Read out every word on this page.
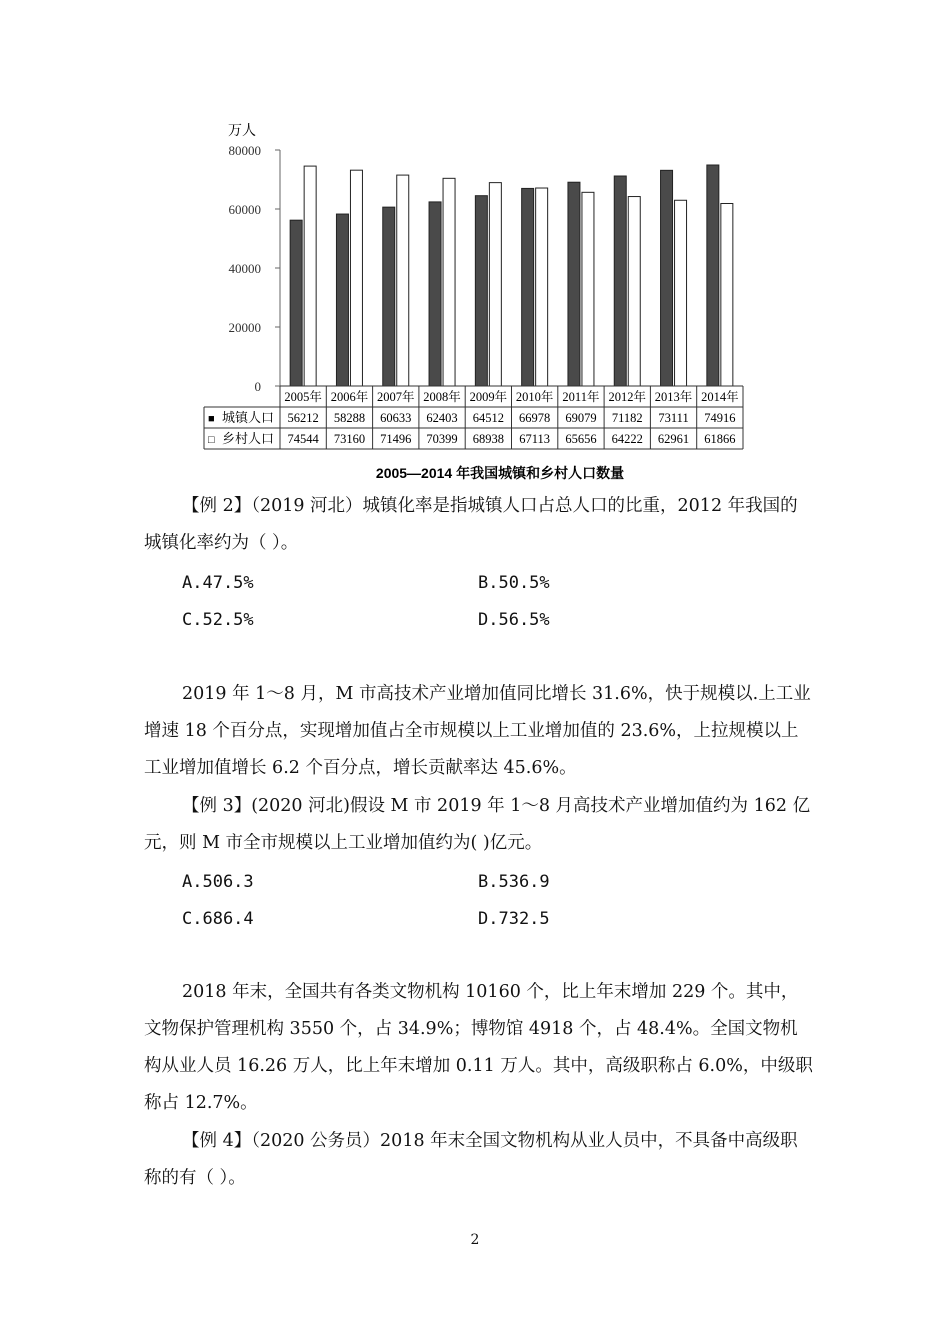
万人
80000
60000
40000
20000
0
2005年 2006年 2007年 2008年 2009年 2010年 2011年 2012年 2013年 2014年
■ 城镇人口 56212 58288 60633 62403 64512 66978 69079 71182 73111 74916
□ 乡村人口 74544 73160 71496 70399 68938 67113 65656 64222 62961 61866
2005—2014 年我国城镇和乡村人口数量

【例 2】（2019 河北）城镇化率是指城镇人口占总人口的比重，2012 年我国的城镇化率约为（ ）。

A.47.5%	B.50.5%
C.52.5%	D.56.5%

2019 年 1～8 月，M 市高技术产业增加值同比增长 31.6%，快于规模以.上工业增速 18 个百分点，实现增加值占全市规模以上工业增加值的 23.6%，上拉规模以上工业增加值增长 6.2 个百分点，增长贡献率达 45.6%。

【例 3】(2020 河北)假设 M 市 2019 年 1～8 月高技术产业增加值约为 162 亿元，则 M 市全市规模以上工业增加值约为( )亿元。

A.506.3	B.536.9
C.686.4	D.732.5

2018 年末，全国共有各类文物机构 10160 个，比上年末增加 229 个。其中，文物保护管理机构 3550 个，占 34.9%；博物馆 4918 个，占 48.4%。全国文物机构从业人员 16.26 万人，比上年末增加 0.11 万人。其中，高级职称占 6.0%，中级职称占 12.7%。

【例 4】（2020 公务员）2018 年末全国文物机构从业人员中，不具备中高级职称的有（ ）。

2
